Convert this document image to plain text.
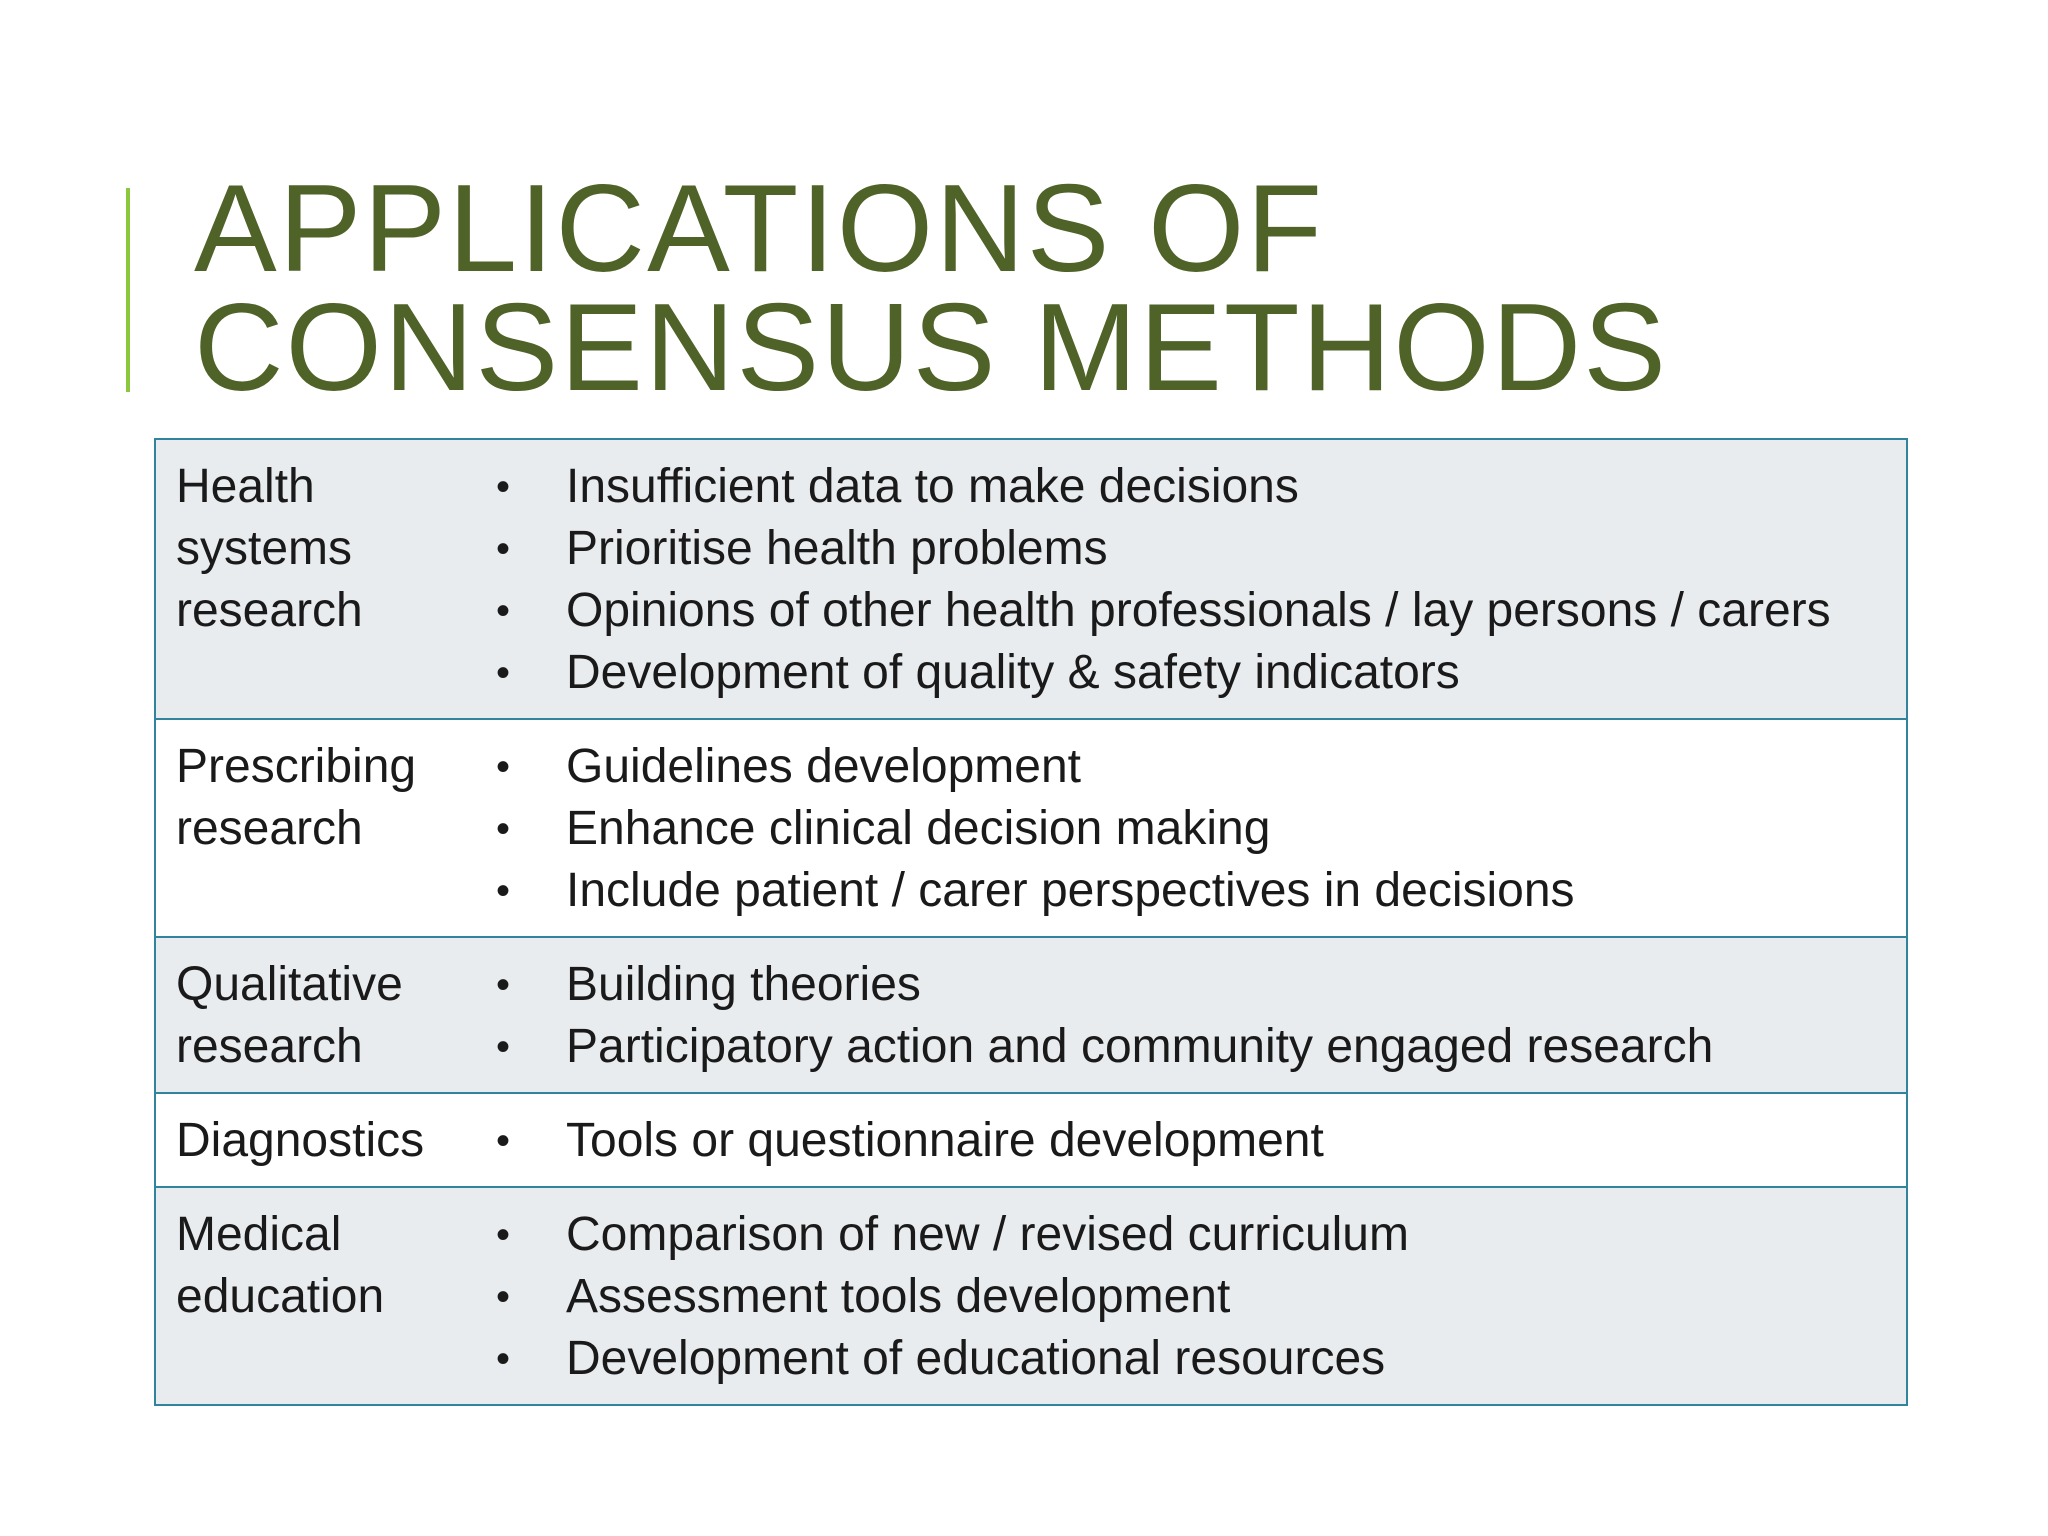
APPLICATIONS OF
CONSENSUS METHODS
Health systems research
• Insufficient data to make decisions
• Prioritise health problems
• Opinions of other health professionals / lay persons / carers
• Development of quality & safety indicators
Prescribing research
• Guidelines development
• Enhance clinical decision making
• Include patient / carer perspectives in decisions
Qualitative research
• Building theories
• Participatory action and community engaged research
Diagnostics	• Tools or questionnaire development
Medical education
• Comparison of new / revised curriculum
• Assessment tools development
• Development of educational resources
